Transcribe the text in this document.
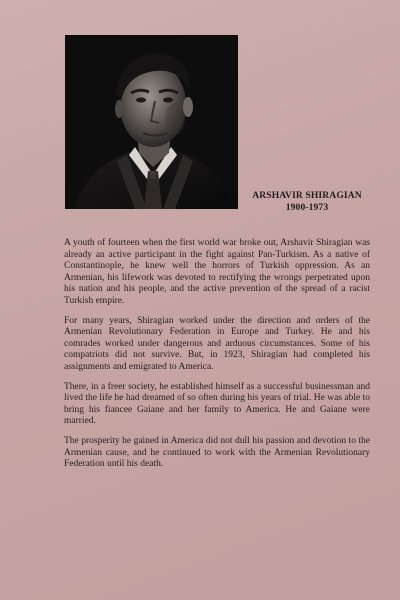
ARSHAVIR SHIRAGIAN
1900-1973

A youth of fourteen when the first world war broke out, Arshavir Shiragian was already an active participant in the fight against Pan-Turkism. As a native of Constantinople, he knew well the horrors of Turkish oppression. As an Armenian, his lifework was devoted to rectifying the wrongs perpetrated upon his nation and his people, and the active prevention of the spread of a racist Turkish empire.

For many years, Shiragian worked under the direction and orders of the Armenian Revolutionary Federation in Europe and Turkey. He and his comrades worked under dangerous and arduous circumstances. Some of his compatriots did not survive. But, in 1923, Shiragian had completed his assignments and emigrated to America.

There, in a freer society, he established himself as a successful businessman and lived the life he had dreamed of so often during his years of trial. He was able to bring his fiancee Gaiane and her family to America. He and Gaiane were married.

The prosperity he gained in America did not dull his passion and devotion to the Armenian cause, and he continued to work with the Armenian Revolutionary Federation until his death.
